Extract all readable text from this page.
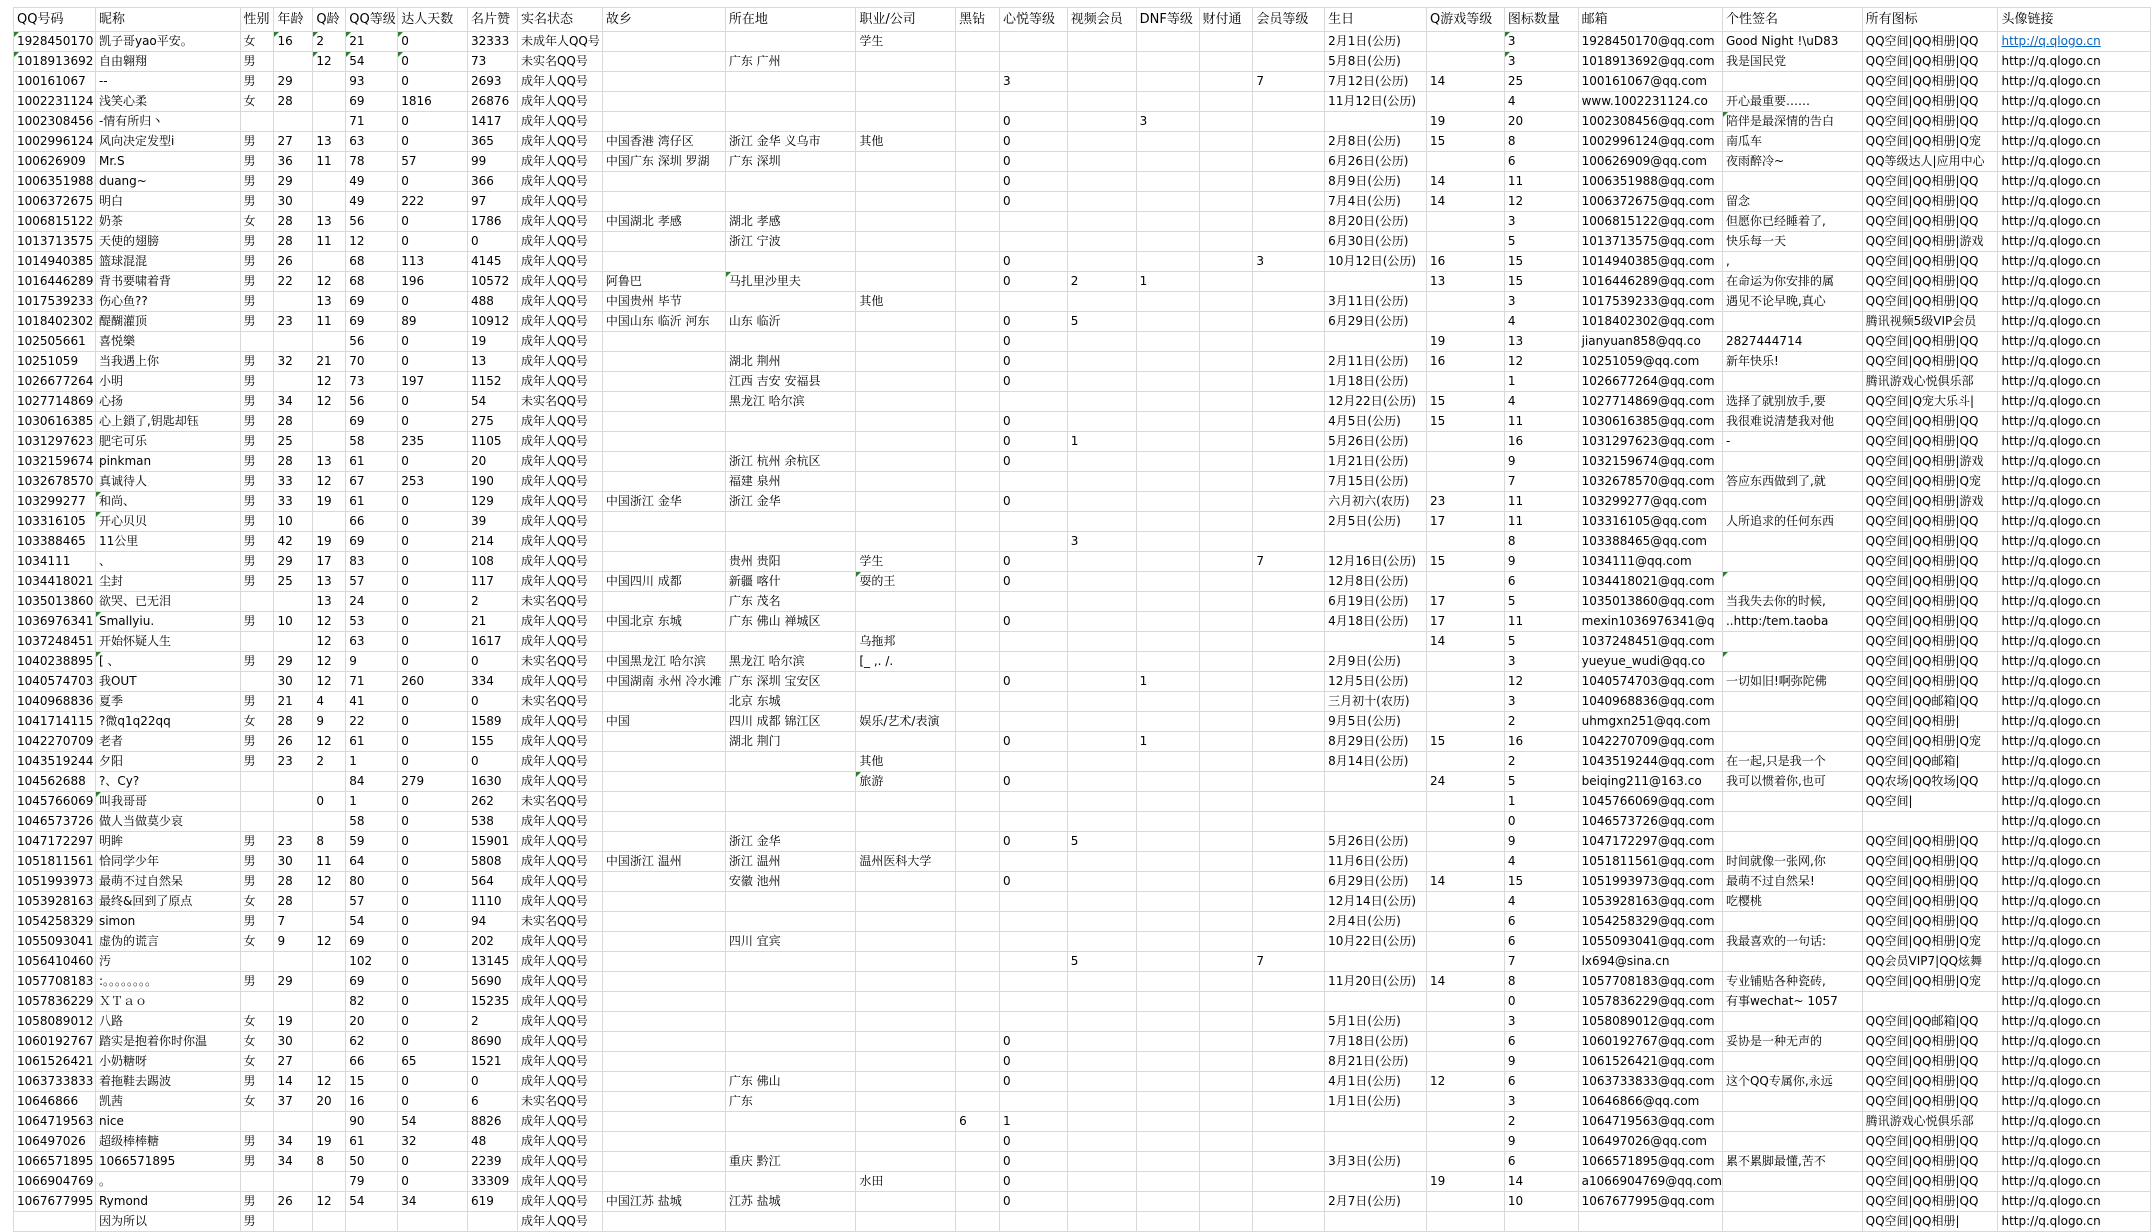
QQ号码	昵称	性别	年龄	Q龄	QQ等级	达人天数	名片赞	实名状态	故乡	所在地	职业/公司	黑钻	心悦等级	视频会员	DNF等级	财付通	会员等级	生日	Q游戏等级	图标数量	邮箱	个性签名	所有图标	头像链接
1928450170	凯子哥yao平安。	女	16	2	21	0	32333	未成年人QQ号			学生							2月1日(公历)		3	1928450170@qq.com	Good Night !\uD83	QQ空间|QQ相册|QQ	http://q.qlogo.cn
1018913692	自由翱翔	男		12	54	0	73	未实名QQ号		广东 广州								5月8日(公历)		3	1018913692@qq.com	我是国民党	QQ空间|QQ相册|QQ	http://q.qlogo.cn
100161067	--	男	29		93	0	2693	成年人QQ号					3				7	7月12日(公历)	14	25	100161067@qq.com		QQ空间|QQ相册|QQ	http://q.qlogo.cn
1002231124	浅笑心柔	女	28		69	1816	26876	成年人QQ号										11月12日(公历)		4	www.1002231124.co	开心最重要……	QQ空间|QQ相册|QQ	http://q.qlogo.cn
1002308456	-情有所归丶				71	0	1417	成年人QQ号					0		3				19	20	1002308456@qq.com	陪伴是最深情的告白	QQ空间|QQ相册|QQ	http://q.qlogo.cn
1002996124	风向决定发型i	男	27	13	63	0	365	成年人QQ号	中国香港 湾仔区	浙江 金华 义乌市	其他		0					2月8日(公历)	15	8	1002996124@qq.com	南瓜车	QQ空间|QQ相册|Q宠	http://q.qlogo.cn
100626909	Mr.S	男	36	11	78	57	99	成年人QQ号	中国广东 深圳 罗湖	广东 深圳			0					6月26日(公历)		6	100626909@qq.com	夜雨醉冷~	QQ等级达人|应用中心	http://q.qlogo.cn
1006351988	duang~	男	29		49	0	366	成年人QQ号					0					8月9日(公历)	14	11	1006351988@qq.com		QQ空间|QQ相册|QQ	http://q.qlogo.cn
1006372675	明白	男	30		49	222	97	成年人QQ号					0					7月4日(公历)	14	12	1006372675@qq.com	留念	QQ空间|QQ相册|QQ	http://q.qlogo.cn
1006815122	奶茶	女	28	13	56	0	1786	成年人QQ号	中国湖北 孝感	湖北 孝感								8月20日(公历)		3	1006815122@qq.com	但愿你已经睡着了,	QQ空间|QQ相册|QQ	http://q.qlogo.cn
1013713575	天使的翅膀	男	28	11	12	0	0	成年人QQ号		浙江 宁波								6月30日(公历)		5	1013713575@qq.com	快乐每一天	QQ空间|QQ相册|游戏	http://q.qlogo.cn
1014940385	篮球混混	男	26		68	113	4145	成年人QQ号					0				3	10月12日(公历)	16	15	1014940385@qq.com	,	QQ空间|QQ相册|QQ	http://q.qlogo.cn
1016446289	背书要啸着背	男	22	12	68	196	10572	成年人QQ号	阿鲁巴	马扎里沙里夫			0	2	1				13	15	1016446289@qq.com	在命运为你安排的属	QQ空间|QQ相册|QQ	http://q.qlogo.cn
1017539233	伤心鱼??	男		13	69	0	488	成年人QQ号	中国贵州 毕节		其他							3月11日(公历)		3	1017539233@qq.com	遇见不论早晚,真心	QQ空间|QQ相册|QQ	http://q.qlogo.cn
1018402302	醍醐灌顶	男	23	11	69	89	10912	成年人QQ号	中国山东 临沂 河东	山东 临沂			0	5				6月29日(公历)		4	1018402302@qq.com		腾讯视频5级VIP会员	http://q.qlogo.cn
102505661	喜悦樂				56	0	19	成年人QQ号					0						19	13	jianyuan858@qq.co	2827444714	QQ空间|QQ相册|QQ	http://q.qlogo.cn
10251059	当我遇上你	男	32	21	70	0	13	成年人QQ号		湖北 荆州			0					2月11日(公历)	16	12	10251059@qq.com	新年快乐!	QQ空间|QQ相册|QQ	http://q.qlogo.cn
1026677264	小明	男		12	73	197	1152	成年人QQ号		江西 吉安 安福县			0					1月18日(公历)		1	1026677264@qq.com		腾讯游戏心悦俱乐部	http://q.qlogo.cn
1027714869	心扬	男	34	12	56	0	54	未实名QQ号		黑龙江 哈尔滨								12月22日(公历)	15	4	1027714869@qq.com	选择了就别放手,要	QQ空间|Q宠大乐斗|	http://q.qlogo.cn
1030616385	心上鎖了,钥匙却钰	男	28		69	0	275	成年人QQ号					0					4月5日(公历)	15	11	1030616385@qq.com	我很难说清楚我对他	QQ空间|QQ相册|QQ	http://q.qlogo.cn
1031297623	肥宅可乐	男	25		58	235	1105	成年人QQ号					0	1				5月26日(公历)		16	1031297623@qq.com	-	QQ空间|QQ相册|QQ	http://q.qlogo.cn
1032159674	pinkman	男	28	13	61	0	20	成年人QQ号		浙江 杭州 余杭区			0					1月21日(公历)		9	1032159674@qq.com		QQ空间|QQ相册|游戏	http://q.qlogo.cn
1032678570	真诚待人	男	33	12	67	253	190	成年人QQ号		福建 泉州								7月15日(公历)		7	1032678570@qq.com	答应东西做到了,就	QQ空间|QQ相册|Q宠	http://q.qlogo.cn
103299277	和尚、	男	33	19	61	0	129	成年人QQ号	中国浙江 金华	浙江 金华			0					六月初六(农历)	23	11	103299277@qq.com		QQ空间|QQ相册|游戏	http://q.qlogo.cn
103316105	开心贝贝	男	10		66	0	39	成年人QQ号										2月5日(公历)	17	11	103316105@qq.com	人所追求的任何东西	QQ空间|QQ相册|QQ	http://q.qlogo.cn
103388465	11公里	男	42	19	69	0	214	成年人QQ号						3						8	103388465@qq.com		QQ空间|QQ相册|QQ	http://q.qlogo.cn
1034111	、	男	29	17	83	0	108	成年人QQ号		贵州 贵阳	学生		0				7	12月16日(公历)	15	9	1034111@qq.com		QQ空间|QQ相册|QQ	http://q.qlogo.cn
1034418021	尘封	男	25	13	57	0	117	成年人QQ号	中国四川 成都	新疆 喀什	耍的王		0					12月8日(公历)		6	1034418021@qq.com		QQ空间|QQ相册|QQ	http://q.qlogo.cn
1035013860	欲哭、已无泪			13	24	0	2	未实名QQ号		广东 茂名								6月19日(公历)	17	5	1035013860@qq.com	当我失去你的时候,	QQ空间|QQ相册|QQ	http://q.qlogo.cn
1036976341	Smallyiu.	男	10	12	53	0	21	成年人QQ号	中国北京 东城	广东 佛山 禅城区			0					4月18日(公历)	17	11	mexin1036976341@q	..http:/tem.taoba	QQ空间|QQ相册|QQ	http://q.qlogo.cn
1037248451	开始怀疑人生			12	63	0	1617	成年人QQ号			乌拖邦								14	5	1037248451@qq.com		QQ空间|QQ相册|QQ	http://q.qlogo.cn
1040238895	[ 、	男	29	12	9	0	0	未实名QQ号	中国黑龙江 哈尔滨	黑龙江 哈尔滨	[_ ,. /.							2月9日(公历)		3	yueyue_wudi@qq.co		QQ空间|QQ相册|QQ	http://q.qlogo.cn
1040574703	我OUT		30	12	71	260	334	成年人QQ号	中国湖南 永州 冷水滩	广东 深圳 宝安区			0		1			12月5日(公历)		12	1040574703@qq.com	一切如旧!啊弥陀佛	QQ空间|QQ相册|QQ	http://q.qlogo.cn
1040968836	夏季	男	21	4	41	0	0	未实名QQ号		北京 东城								三月初十(农历)		3	1040968836@qq.com		QQ空间|QQ邮箱|QQ	http://q.qlogo.cn
1041714115	?微q1q22qq	女	28	9	22	0	1589	成年人QQ号	中国	四川 成都 锦江区	娱乐/艺术/表演							9月5日(公历)		2	uhmgxn251@qq.com		QQ空间|QQ相册|	http://q.qlogo.cn
1042270709	老者	男	26	12	61	0	155	成年人QQ号		湖北 荆门			0		1			8月29日(公历)	15	16	1042270709@qq.com		QQ空间|QQ相册|Q宠	http://q.qlogo.cn
1043519244	夕阳	男	23	2	1	0	0	成年人QQ号			其他							8月14日(公历)		2	1043519244@qq.com	在一起,只是我一个	QQ空间|QQ邮箱|	http://q.qlogo.cn
104562688	?、Cy?				84	279	1630	成年人QQ号			旅游		0						24	5	beiqing211@163.co	我可以惯着你,也可	QQ农场|QQ牧场|QQ	http://q.qlogo.cn
1045766069	叫我哥哥			0	1	0	262	未实名QQ号												1	1045766069@qq.com		QQ空间|	http://q.qlogo.cn
1046573726	做人当做莫少哀				58	0	538	成年人QQ号												0	1046573726@qq.com			http://q.qlogo.cn
1047172297	明眸	男	23	8	59	0	15901	成年人QQ号		浙江 金华			0	5				5月26日(公历)		9	1047172297@qq.com		QQ空间|QQ相册|QQ	http://q.qlogo.cn
1051811561	恰同学少年	男	30	11	64	0	5808	成年人QQ号	中国浙江 温州	浙江 温州	温州医科大学							11月6日(公历)		4	1051811561@qq.com	时间就像一张网,你	QQ空间|QQ相册|QQ	http://q.qlogo.cn
1051993973	最萌不过自然呆	男	28	12	80	0	564	成年人QQ号		安徽 池州			0					6月29日(公历)	14	15	1051993973@qq.com	最萌不过自然呆!	QQ空间|QQ相册|QQ	http://q.qlogo.cn
1053928163	最终&回到了原点	女	28		57	0	1110	成年人QQ号										12月14日(公历)		4	1053928163@qq.com	吃樱桃	QQ空间|QQ相册|QQ	http://q.qlogo.cn
1054258329	simon	男	7		54	0	94	未实名QQ号										2月4日(公历)		6	1054258329@qq.com		QQ空间|QQ相册|QQ	http://q.qlogo.cn
1055093041	虚伪的谎言	女	9	12	69	0	202	成年人QQ号		四川 宜宾								10月22日(公历)		6	1055093041@qq.com	我最喜欢的一句话:	QQ空间|QQ相册|Q宠	http://q.qlogo.cn
1056410460	汚				102	0	13145	成年人QQ号						5			7			7	lx694@sina.cn		QQ会员VIP7|QQ炫舞	http://q.qlogo.cn
1057708183	:。。。。。。。。	男	29		69	0	5690	成年人QQ号										11月20日(公历)	14	8	1057708183@qq.com	专业铺贴各种瓷砖,	QQ空间|QQ相册|Q宠	http://q.qlogo.cn
1057836229	ＸＴａｏ				82	0	15235	成年人QQ号												0	1057836229@qq.com	有事wechat~ 1057		http://q.qlogo.cn
1058089012	八路	女	19		20	0	2	成年人QQ号										5月1日(公历)		3	1058089012@qq.com		QQ空间|QQ邮箱|QQ	http://q.qlogo.cn
1060192767	踏实是抱着你时你温	女	30		62	0	8690	成年人QQ号					0					7月18日(公历)		6	1060192767@qq.com	妥协是一种无声的	QQ空间|QQ相册|QQ	http://q.qlogo.cn
1061526421	小奶糖呀	女	27		66	65	1521	成年人QQ号					0					8月21日(公历)		9	1061526421@qq.com		QQ空间|QQ相册|QQ	http://q.qlogo.cn
1063733833	着拖鞋去踢波	男	14	12	15	0	0	成年人QQ号		广东 佛山			0					4月1日(公历)	12	6	1063733833@qq.com	这个QQ专属你,永远	QQ空间|QQ相册|QQ	http://q.qlogo.cn
10646866	凯茜	女	37	20	16	0	6	未实名QQ号		广东								1月1日(公历)		3	10646866@qq.com		QQ空间|QQ相册|QQ	http://q.qlogo.cn
1064719563	nice				90	54	8826	成年人QQ号				6	1							2	1064719563@qq.com		腾讯游戏心悦俱乐部	http://q.qlogo.cn
106497026	超级棒棒糖	男	34	19	61	32	48	成年人QQ号					0							9	106497026@qq.com		QQ空间|QQ相册|QQ	http://q.qlogo.cn
1066571895	1066571895	男	34	8	50	0	2239	成年人QQ号		重庆 黔江			0					3月3日(公历)		6	1066571895@qq.com	累不累脚最懂,苦不	QQ空间|QQ相册|QQ	http://q.qlogo.cn
1066904769	。				79	0	33309	成年人QQ号			水田		0						19	14	a1066904769@qq.com		QQ空间|QQ相册|QQ	http://q.qlogo.cn
1067677995	Rymond	男	26	12	54	34	619	成年人QQ号	中国江苏 盐城	江苏 盐城			0					2月7日(公历)		10	1067677995@qq.com		QQ空间|QQ相册|QQ	http://q.qlogo.cn
	因为所以	男						成年人QQ号															QQ空间|QQ相册|	http://q.qlogo.cn
